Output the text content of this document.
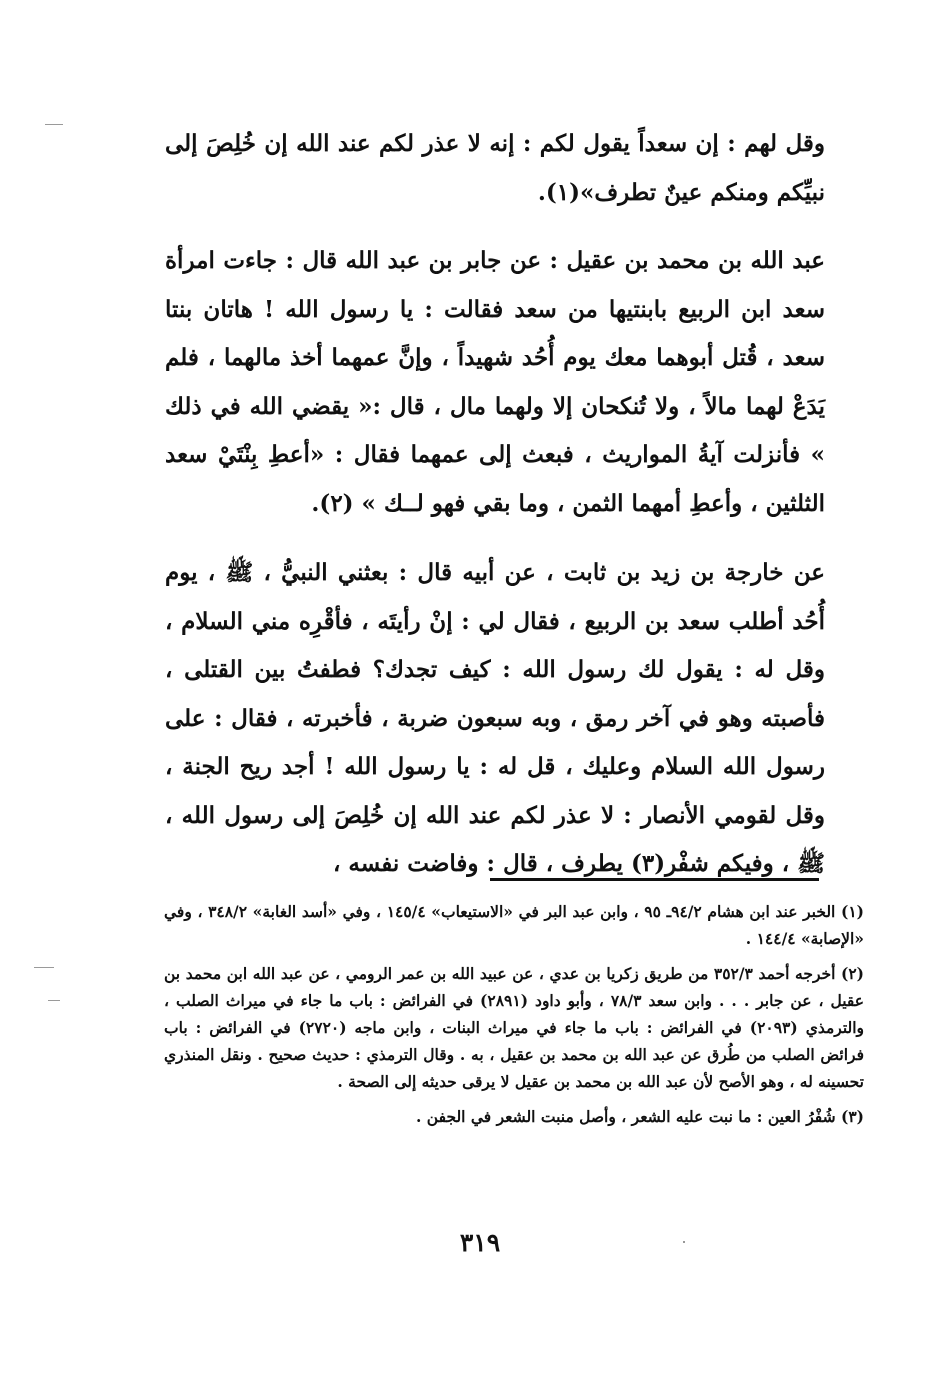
وقل لهم : إن سعداً يقول لكم : إنه لا عذر لكم عند الله إن خُلِصَ إلى نبيِّكم ومنكم عينٌ تطرف»(١).

عبد الله بن محمد بن عقيل : عن جابر بن عبد الله قال : جاءت امرأة سعد ابن الربيع بابنتيها من سعد فقالت : يا رسول الله ! هاتان بنتا سعد ، قُتل أبوهما معك يوم أُحُد شهيداً ، وإنَّ عمهما أخذ مالهما ، فلم يَدَعْ لهما مالاً ، ولا تُنكحان إلا ولهما مال ، قال :« يقضي الله في ذلك » فأنزلت آيةُ المواريث ، فبعث إلى عمهما فقال : «أعطِ بِنْتَيْ سعد الثلثين ، وأعطِ أمهما الثمن ، وما بقي فهو لــك » (٢).

عن خارجة بن زيد بن ثابت ، عن أبيه قال : بعثني النبيُّ ، ﷺ ، يوم أُحُد أطلب سعد بن الربيع ، فقال لي : إنْ رأيتَه ، فأقْرِه مني السلام ، وقل له : يقول لك رسول الله : كيف تجدك؟ فطفتُ بين القتلى ، فأصبته وهو في آخر رمق ، وبه سبعون ضربة ، فأخبرته ، فقال : على رسول الله السلام وعليك ، قل له : يا رسول الله ! أجد ريح الجنة ، وقل لقومي الأنصار : لا عذر لكم عند الله إن خُلِصَ إلى رسول الله ، ﷺ ، وفيكم شفْر(٣) يطرف ، قال : وفاضت نفسه ،

(١) الخبر عند ابن هشام ٩٤/٢ـ ٩٥ ، وابن عبد البر في «الاستيعاب» ١٤٥/٤ ، وفي «أسد الغابة» ٣٤٨/٢ ، وفي «الإصابة» ١٤٤/٤ .

(٢) أخرجه أحمد ٣٥٢/٣ من طريق زكريا بن عدي ، عن عبيد الله بن عمر الرومي ، عن عبد الله ابن محمد بن عقيل ، عن جابر . . . وابن سعد ٧٨/٣ ، وأبو داود (٢٨٩١) في الفرائض : باب ما جاء في ميراث الصلب ، والترمذي (٢٠٩٣) في الفرائض : باب ما جاء في ميراث البنات ، وابن ماجه (٢٧٢٠) في الفرائض : باب فرائض الصلب من طُرق عن عبد الله بن محمد بن عقيل ، به . وقال الترمذي : حديث صحيح . ونقل المنذري تحسينه له ، وهو الأصح لأن عبد الله بن محمد بن عقيل لا يرقى حديثه إلى الصحة .

(٣) شُفْرُ العين : ما نبت عليه الشعر ، وأصل منبت الشعر في الجفن .

٣١٩
